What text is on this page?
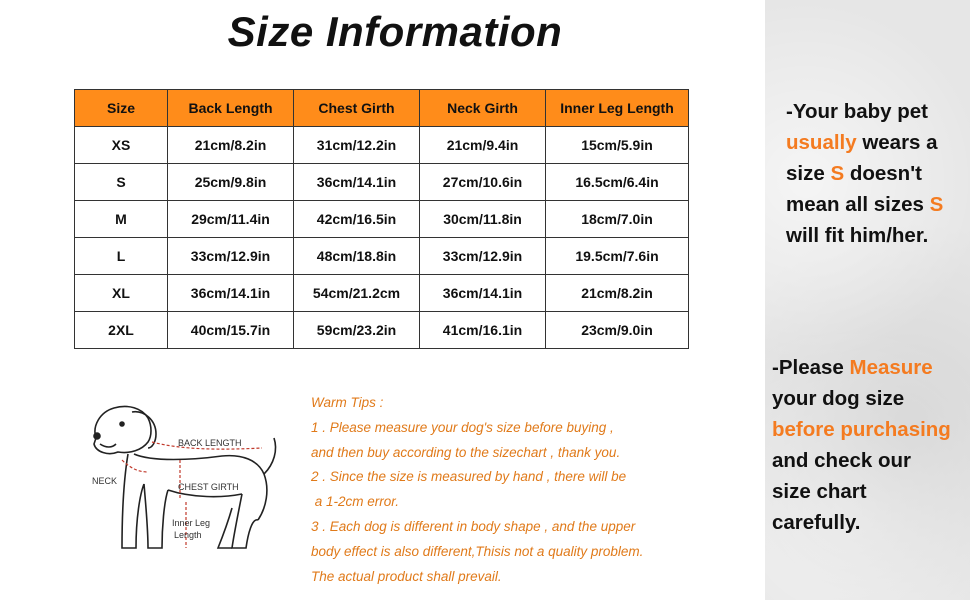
Size Information
Size	Back Length	Chest Girth	Neck Girth	Inner Leg Length
XS	21cm/8.2in	31cm/12.2in	21cm/9.4in	15cm/5.9in
S	25cm/9.8in	36cm/14.1in	27cm/10.6in	16.5cm/6.4in
M	29cm/11.4in	42cm/16.5in	30cm/11.8in	18cm/7.0in
L	33cm/12.9in	48cm/18.8in	33cm/12.9in	19.5cm/7.6in
XL	36cm/14.1in	54cm/21.2cm	36cm/14.1in	21cm/8.2in
2XL	40cm/15.7in	59cm/23.2in	41cm/16.1in	23cm/9.0in
BACK LENGTH
NECK
CHEST GIRTH
Inner Leg
Length
Warm Tips :
1 . Please measure your dog's size before buying ,
and then buy according to the sizechart , thank you.
2 . Since the size is measured by hand , there will be
a 1-2cm error.
3 . Each dog is different in body shape , and the upper
body effect is also different,Thisis not a quality problem.
The actual product shall prevail.
-Your baby pet
usually wears a
size S doesn't
mean all sizes S
will fit him/her.
-Please Measure
your dog size
before purchasing
and check our
size chart
carefully.
